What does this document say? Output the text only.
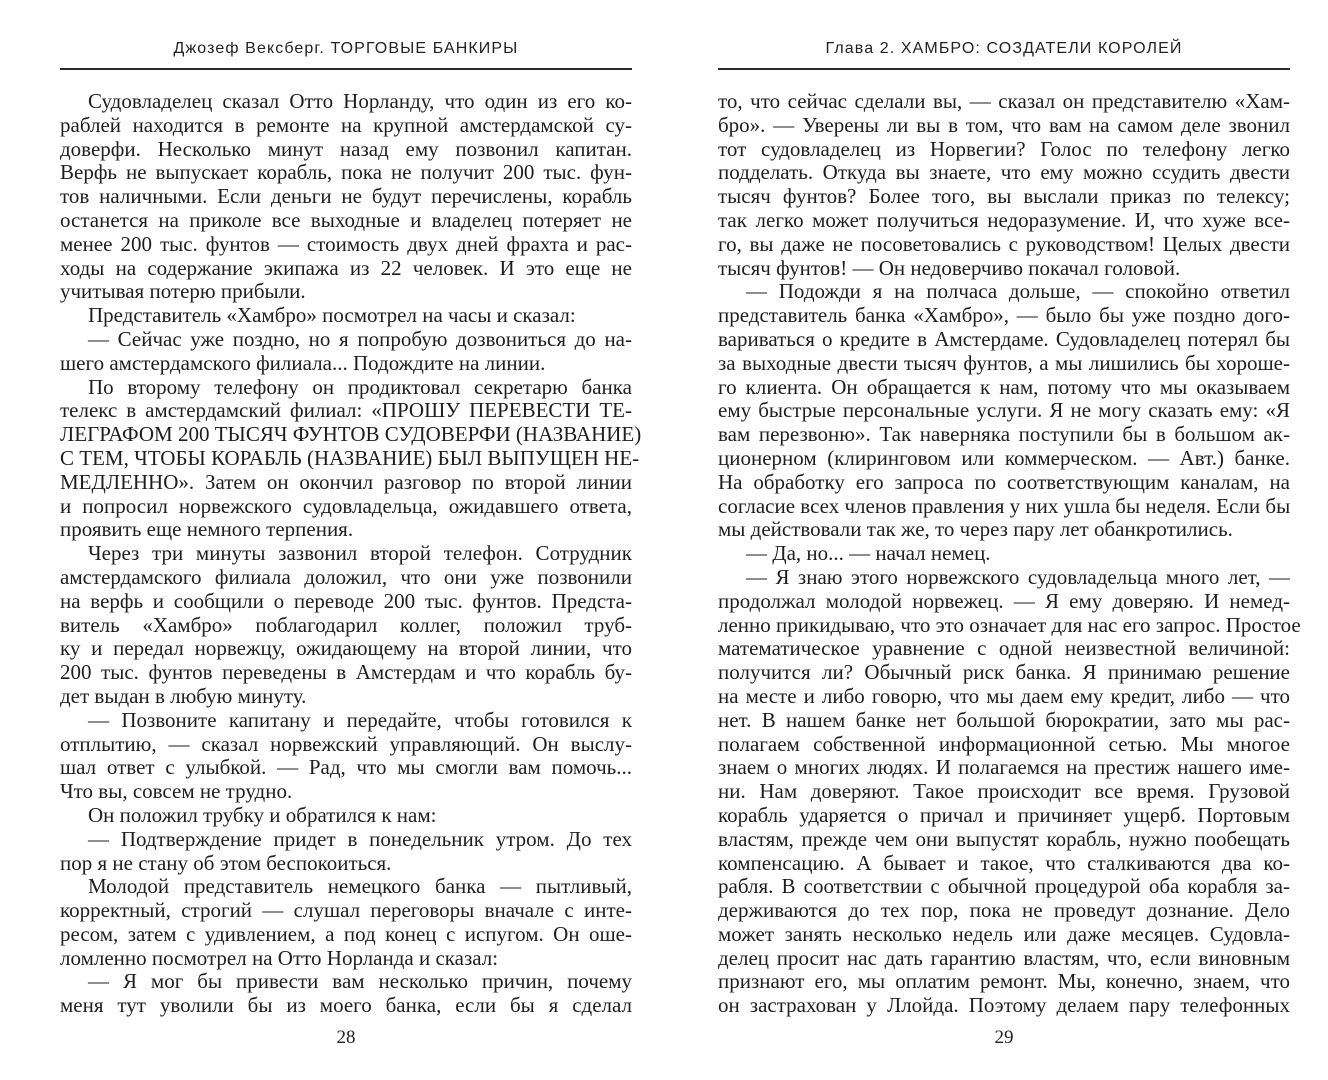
Джозеф Вексберг. ТОРГОВЫЕ БАНКИРЫ
Судовладелец сказал Отто Норланду, что один из его ко-
раблей находится в ремонте на крупной амстердамской су-
доверфи. Несколько минут назад ему позвонил капитан.
Верфь не выпускает корабль, пока не получит 200 тыс. фун-
тов наличными. Если деньги не будут перечислены, корабль
останется на приколе все выходные и владелец потеряет не
менее 200 тыс. фунтов — стоимость двух дней фрахта и рас-
ходы на содержание экипажа из 22 человек. И это еще не
учитывая потерю прибыли.
Представитель «Хамбро» посмотрел на часы и сказал:
— Сейчас уже поздно, но я попробую дозвониться до на-
шего амстердамского филиала... Подождите на линии.
По второму телефону он продиктовал секретарю банка
телекс в амстердамский филиал: «ПРОШУ ПЕРЕВЕСТИ ТЕ-
ЛЕГРАФОМ 200 ТЫСЯЧ ФУНТОВ СУДОВЕРФИ (НАЗВАНИЕ)
С ТЕМ, ЧТОБЫ КОРАБЛЬ (НАЗВАНИЕ) БЫЛ ВЫПУЩЕН НЕ-
МЕДЛЕННО». Затем он окончил разговор по второй линии
и попросил норвежского судовладельца, ожидавшего ответа,
проявить еще немного терпения.
Через три минуты зазвонил второй телефон. Сотрудник
амстердамского филиала доложил, что они уже позвонили
на верфь и сообщили о переводе 200 тыс. фунтов. Предста-
витель «Хамбро» поблагодарил коллег, положил труб-
ку и передал норвежцу, ожидающему на второй линии, что
200 тыс. фунтов переведены в Амстердам и что корабль бу-
дет выдан в любую минуту.
— Позвоните капитану и передайте, чтобы готовился к
отплытию, — сказал норвежский управляющий. Он выслу-
шал ответ с улыбкой. — Рад, что мы смогли вам помочь...
Что вы, совсем не трудно.
Он положил трубку и обратился к нам:
— Подтверждение придет в понедельник утром. До тех
пор я не стану об этом беспокоиться.
Молодой представитель немецкого банка — пытливый,
корректный, строгий — слушал переговоры вначале с инте-
ресом, затем с удивлением, а под конец с испугом. Он оше-
ломленно посмотрел на Отто Норланда и сказал:
— Я мог бы привести вам несколько причин, почему
меня тут уволили бы из моего банка, если бы я сделал
28
Глава 2. ХАМБРО: СОЗДАТЕЛИ КОРОЛЕЙ
то, что сейчас сделали вы, — сказал он представителю «Хам-
бро». — Уверены ли вы в том, что вам на самом деле звонил
тот судовладелец из Норвегии? Голос по телефону легко
подделать. Откуда вы знаете, что ему можно ссудить двести
тысяч фунтов? Более того, вы выслали приказ по телексу;
так легко может получиться недоразумение. И, что хуже все-
го, вы даже не посоветовались с руководством! Целых двести
тысяч фунтов! — Он недоверчиво покачал головой.
— Подожди я на полчаса дольше, — спокойно ответил
представитель банка «Хамбро», — было бы уже поздно дого-
вариваться о кредите в Амстердаме. Судовладелец потерял бы
за выходные двести тысяч фунтов, а мы лишились бы хороше-
го клиента. Он обращается к нам, потому что мы оказываем
ему быстрые персональные услуги. Я не могу сказать ему: «Я
вам перезвоню». Так наверняка поступили бы в большом ак-
ционерном (клиринговом или коммерческом. — Авт.) банке.
На обработку его запроса по соответствующим каналам, на
согласие всех членов правления у них ушла бы неделя. Если бы
мы действовали так же, то через пару лет обанкротились.
— Да, но... — начал немец.
— Я знаю этого норвежского судовладельца много лет, —
продолжал молодой норвежец. — Я ему доверяю. И немед-
ленно прикидываю, что это означает для нас его запрос. Простое
математическое уравнение с одной неизвестной величиной:
получится ли? Обычный риск банка. Я принимаю решение
на месте и либо говорю, что мы даем ему кредит, либо — что
нет. В нашем банке нет большой бюрократии, зато мы рас-
полагаем собственной информационной сетью. Мы многое
знаем о многих людях. И полагаемся на престиж нашего име-
ни. Нам доверяют. Такое происходит все время. Грузовой
корабль ударяется о причал и причиняет ущерб. Портовым
властям, прежде чем они выпустят корабль, нужно пообещать
компенсацию. А бывает и такое, что сталкиваются два ко-
рабля. В соответствии с обычной процедурой оба корабля за-
держиваются до тех пор, пока не проведут дознание. Дело
может занять несколько недель или даже месяцев. Судовла-
делец просит нас дать гарантию властям, что, если виновным
признают его, мы оплатим ремонт. Мы, конечно, знаем, что
он застрахован у Ллойда. Поэтому делаем пару телефонных
29
